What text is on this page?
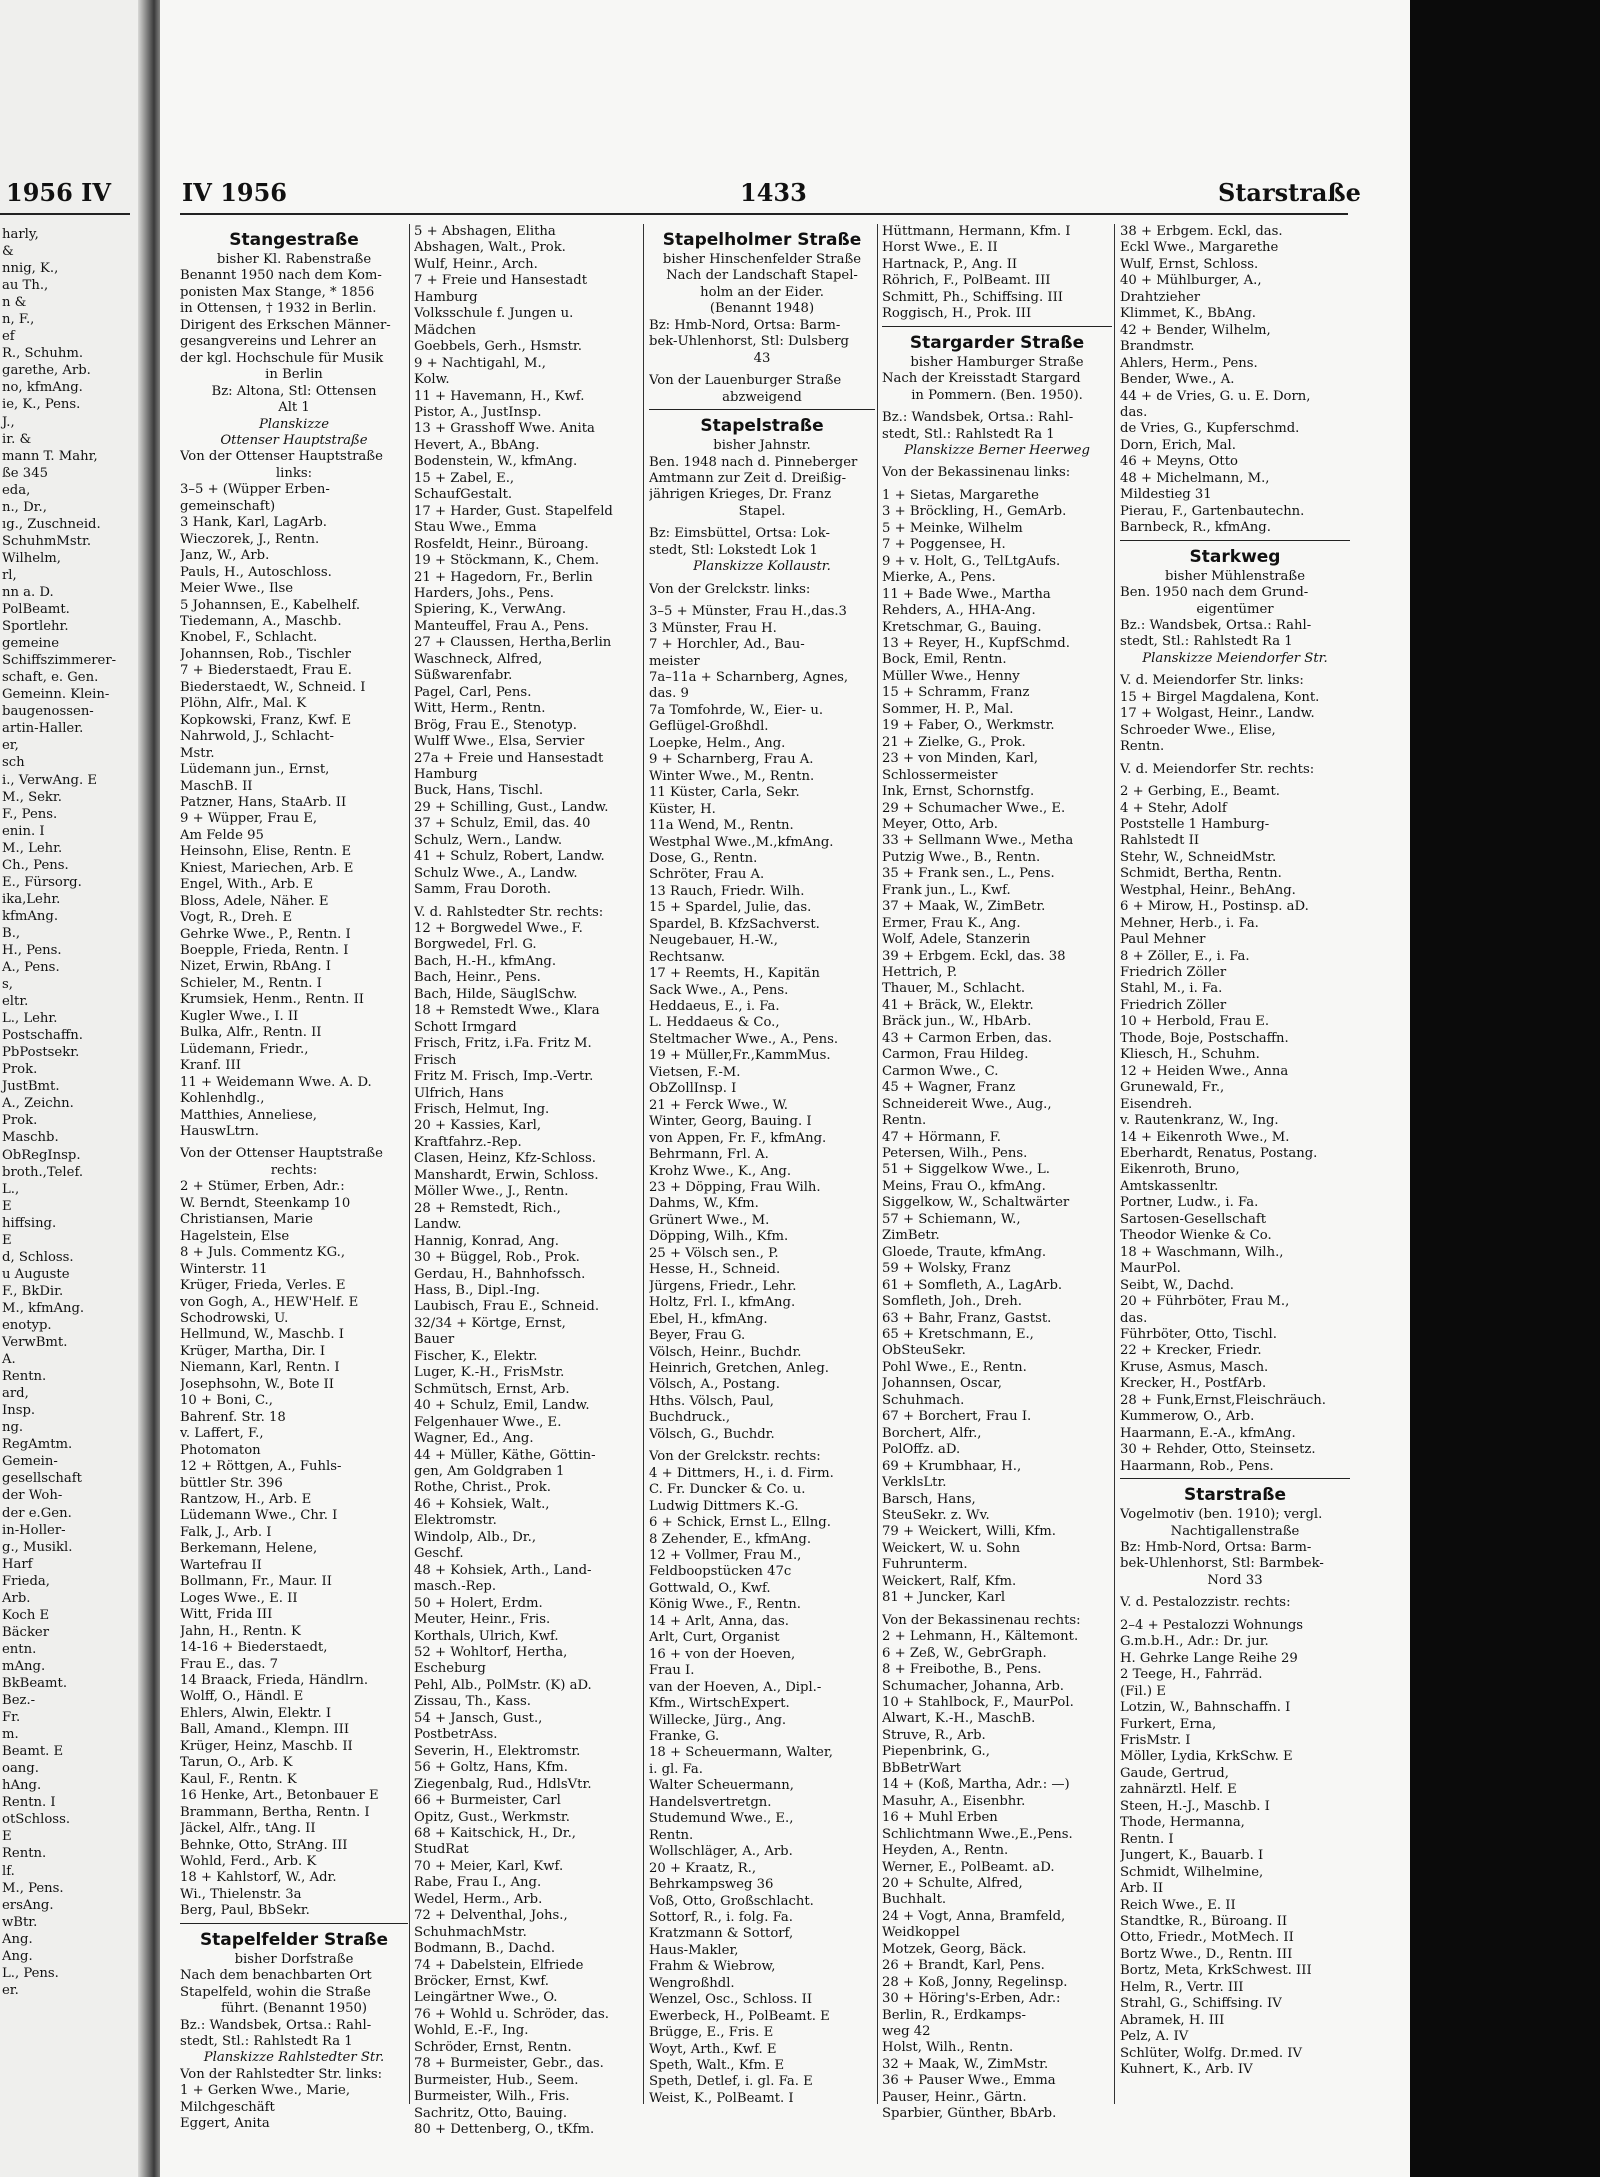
1956 IV
harly,
&
nnig, K.,
au Th.,
n &
n, F.,
ef
R., Schuhm.
garethe, Arb.
no, kfmAng.
ie, K., Pens.
J.,
ir. &
mann T. Mahr,
ße 345
eda,
n., Dr.,
ıg., Zuschneid.
SchuhmMstr.
Wilhelm,
rl,
nn a. D.
PolBeamt.
Sportlehr.
gemeine
Schiffszimmerer-
schaft, e. Gen.
Gemeinn. Klein-
baugenossen-
artin-Haller.
er,
sch
i., VerwAng. E
M., Sekr.
F., Pens.
enin. I
M., Lehr.
Ch., Pens.
E., Fürsorg.
ika,Lehr.
kfmAng.
B.,
H., Pens.
A., Pens.
s,
eltr.
L., Lehr.
Postschaffn.
PbPostsekr.
Prok.
JustBmt.
A., Zeichn.
Prok.
Maschb.
ObRegInsp.
broth.,Telef.
L.,
E
hiffsing.
E
d, Schloss.
u Auguste
F., BkDir.
M., kfmAng.
enotyp.
VerwBmt.
A.
Rentn.
ard,
Insp.
ng.
RegAmtm.
Gemein-
gesellschaft
der Woh-
der e.Gen.
in-Holler-
g., Musikl.
Harf
Frieda,
Arb.
Koch E
Bäcker
entn.
mAng.
BkBeamt.
Bez.-
Fr.
m.
Beamt. E
oang.
hAng.
Rentn. I
otSchloss.
E
Rentn.
lf.
M., Pens.
ersAng.
wBtr.
Ang.
Ang.
L., Pens.
er.
IV 1956	1433	Starstraße
Stangestraße
bisher Kl. Rabenstraße
Benannt 1950 nach dem Kom-
ponisten Max Stange, * 1856
in Ottensen, † 1932 in Berlin.
Dirigent des Erkschen Männer-
gesangvereins und Lehrer an
der kgl. Hochschule für Musik
in Berlin
Bz: Altona, Stl: Ottensen
Alt 1
Planskizze
Ottenser Hauptstraße
Von der Ottenser Hauptstraße
links:
3–5 + (Wüpper Erben-
gemeinschaft)
3 Hank, Karl, LagArb.
Wieczorek, J., Rentn.
Janz, W., Arb.
Pauls, H., Autoschloss.
Meier Wwe., Ilse
5 Johannsen, E., Kabelhelf.
Tiedemann, A., Maschb.
Knobel, F., Schlacht.
Johannsen, Rob., Tischler
7 + Biederstaedt, Frau E.
Biederstaedt, W., Schneid. I
Plöhn, Alfr., Mal. K
Kopkowski, Franz, Kwf. E
Nahrwold, J., Schlacht-
Mstr.
Lüdemann jun., Ernst,
MaschB. II
Patzner, Hans, StaArb. II
9 + Wüpper, Frau E,
Am Felde 95
Heinsohn, Elise, Rentn. E
Kniest, Mariechen, Arb. E
Engel, With., Arb. E
Bloss, Adele, Näher. E
Vogt, R., Dreh. E
Gehrke Wwe., P., Rentn. I
Boepple, Frieda, Rentn. I
Nizet, Erwin, RbAng. I
Schieler, M., Rentn. I
Krumsiek, Henm., Rentn. II
Kugler Wwe., I. II
Bulka, Alfr., Rentn. II
Lüdemann, Friedr.,
Kranf. III
11 + Weidemann Wwe. A. D.
Kohlenhdlg.,
Matthies, Anneliese,
HauswLtrn.
Von der Ottenser Hauptstraße
rechts:
2 + Stümer, Erben, Adr.:
W. Berndt, Steenkamp 10
Christiansen, Marie
Hagelstein, Else
8 + Juls. Commentz KG.,
Winterstr. 11
Krüger, Frieda, Verles. E
von Gogh, A., HEW'Helf. E
Schodrowski, U.
Hellmund, W., Maschb. I
Krüger, Martha, Dir. I
Niemann, Karl, Rentn. I
Josephsohn, W., Bote II
10 + Boni, C.,
Bahrenf. Str. 18
v. Laffert, F.,
Photomaton
12 + Röttgen, A., Fuhls-
büttler Str. 396
Rantzow, H., Arb. E
Lüdemann Wwe., Chr. I
Falk, J., Arb. I
Berkemann, Helene,
Wartefrau II
Bollmann, Fr., Maur. II
Loges Wwe., E. II
Witt, Frida III
Jahn, H., Rentn. K
14-16 + Biederstaedt,
Frau E., das. 7
14 Braack, Frieda, Händlrn.
Wolff, O., Händl. E
Ehlers, Alwin, Elektr. I
Ball, Amand., Klempn. III
Krüger, Heinz, Maschb. II
Tarun, O., Arb. K
Kaul, F., Rentn. K
16 Henke, Art., Betonbauer E
Brammann, Bertha, Rentn. I
Jäckel, Alfr., tAng. II
Behnke, Otto, StrAng. III
Wohld, Ferd., Arb. K
18 + Kahlstorf, W., Adr.
Wi., Thielenstr. 3a
Berg, Paul, BbSekr.
Stapelfelder Straße
bisher Dorfstraße
Nach dem benachbarten Ort
Stapelfeld, wohin die Straße
führt. (Benannt 1950)
Bz.: Wandsbek, Ortsa.: Rahl-
stedt, Stl.: Rahlstedt Ra 1
Planskizze Rahlstedter Str.
Von der Rahlstedter Str. links:
1 + Gerken Wwe., Marie,
Milchgeschäft
Eggert, Anita
5 + Abshagen, Elitha
Abshagen, Walt., Prok.
Wulf, Heinr., Arch.
7 + Freie und Hansestadt
Hamburg
Volksschule f. Jungen u.
Mädchen
Goebbels, Gerh., Hsmstr.
9 + Nachtigahl, M.,
Kolw.
11 + Havemann, H., Kwf.
Pistor, A., JustInsp.
13 + Grasshoff Wwe. Anita
Hevert, A., BbAng.
Bodenstein, W., kfmAng.
15 + Zabel, E.,
SchaufGestalt.
17 + Harder, Gust. Stapelfeld
Stau Wwe., Emma
Rosfeldt, Heinr., Büroang.
19 + Stöckmann, K., Chem.
21 + Hagedorn, Fr., Berlin
Harders, Johs., Pens.
Spiering, K., VerwAng.
Manteuffel, Frau A., Pens.
27 + Claussen, Hertha,Berlin
Waschneck, Alfred,
Süßwarenfabr.
Pagel, Carl, Pens.
Witt, Herm., Rentn.
Brög, Frau E., Stenotyp.
Wulff Wwe., Elsa, Servier
27a + Freie und Hansestadt
Hamburg
Buck, Hans, Tischl.
29 + Schilling, Gust., Landw.
37 + Schulz, Emil, das. 40
Schulz, Wern., Landw.
41 + Schulz, Robert, Landw.
Schulz Wwe., A., Landw.
Samm, Frau Doroth.
V. d. Rahlstedter Str. rechts:
12 + Borgwedel Wwe., F.
Borgwedel, Frl. G.
Bach, H.-H., kfmAng.
Bach, Heinr., Pens.
Bach, Hilde, SäuglSchw.
18 + Remstedt Wwe., Klara
Schott Irmgard
Frisch, Fritz, i.Fa. Fritz M.
Frisch
Fritz M. Frisch, Imp.-Vertr.
Ulfrich, Hans
Frisch, Helmut, Ing.
20 + Kassies, Karl,
Kraftfahrz.-Rep.
Clasen, Heinz, Kfz-Schloss.
Manshardt, Erwin, Schloss.
Möller Wwe., J., Rentn.
28 + Remstedt, Rich.,
Landw.
Hannig, Konrad, Ang.
30 + Büggel, Rob., Prok.
Gerdau, H., Bahnhofssch.
Hass, B., Dipl.-Ing.
Laubisch, Frau E., Schneid.
32/34 + Körtge, Ernst,
Bauer
Fischer, K., Elektr.
Luger, K.-H., FrisMstr.
Schmütsch, Ernst, Arb.
40 + Schulz, Emil, Landw.
Felgenhauer Wwe., E.
Wagner, Ed., Ang.
44 + Müller, Käthe, Göttin-
gen, Am Goldgraben 1
Rothe, Christ., Prok.
46 + Kohsiek, Walt.,
Elektromstr.
Windolp, Alb., Dr.,
Geschf.
48 + Kohsiek, Arth., Land-
masch.-Rep.
50 + Holert, Erdm.
Meuter, Heinr., Fris.
Korthals, Ulrich, Kwf.
52 + Wohltorf, Hertha,
Escheburg
Pehl, Alb., PolMstr. (K) aD.
Zissau, Th., Kass.
54 + Jansch, Gust.,
PostbetrAss.
Severin, H., Elektromstr.
56 + Goltz, Hans, Kfm.
Ziegenbalg, Rud., HdlsVtr.
66 + Burmeister, Carl
Opitz, Gust., Werkmstr.
68 + Kaitschick, H., Dr.,
StudRat
70 + Meier, Karl, Kwf.
Rabe, Frau I., Ang.
Wedel, Herm., Arb.
72 + Delventhal, Johs.,
SchuhmachMstr.
Bodmann, B., Dachd.
74 + Dabelstein, Elfriede
Bröcker, Ernst, Kwf.
Leingärtner Wwe., O.
76 + Wohld u. Schröder, das.
Wohld, E.-F., Ing.
Schröder, Ernst, Rentn.
78 + Burmeister, Gebr., das.
Burmeister, Hub., Seem.
Burmeister, Wilh., Fris.
Sachritz, Otto, Bauing.
80 + Dettenberg, O., tKfm.
Stapelholmer Straße
bisher Hinschenfelder Straße
Nach der Landschaft Stapel-
holm an der Eider.
(Benannt 1948)
Bz: Hmb-Nord, Ortsa: Barm-
bek-Uhlenhorst, Stl: Dulsberg
43
Von der Lauenburger Straße
abzweigend
Stapelstraße
bisher Jahnstr.
Ben. 1948 nach d. Pinneberger
Amtmann zur Zeit d. Dreißig-
jährigen Krieges, Dr. Franz
Stapel.
Bz: Eimsbüttel, Ortsa: Lok-
stedt, Stl: Lokstedt Lok 1
Planskizze Kollaustr.
Von der Grelckstr. links:
3–5 + Münster, Frau H.,das.3
3 Münster, Frau H.
7 + Horchler, Ad., Bau-
meister
7a–11a + Scharnberg, Agnes,
das. 9
7a Tomfohrde, W., Eier- u.
Geflügel-Großhdl.
Loepke, Helm., Ang.
9 + Scharnberg, Frau A.
Winter Wwe., M., Rentn.
11 Küster, Carla, Sekr.
Küster, H.
11a Wend, M., Rentn.
Westphal Wwe.,M.,kfmAng.
Dose, G., Rentn.
Schröter, Frau A.
13 Rauch, Friedr. Wilh.
15 + Spardel, Julie, das.
Spardel, B. KfzSachverst.
Neugebauer, H.-W.,
Rechtsanw.
17 + Reemts, H., Kapitän
Sack Wwe., A., Pens.
Heddaeus, E., i. Fa.
L. Heddaeus & Co.,
Steltmacher Wwe., A., Pens.
19 + Müller,Fr.,KammMus.
Vietsen, F.-M.
ObZollInsp. I
21 + Ferck Wwe., W.
Winter, Georg, Bauing. I
von Appen, Fr. F., kfmAng.
Behrmann, Frl. A.
Krohz Wwe., K., Ang.
23 + Döpping, Frau Wilh.
Dahms, W., Kfm.
Grünert Wwe., M.
Döpping, Wilh., Kfm.
25 + Völsch sen., P.
Hesse, H., Schneid.
Jürgens, Friedr., Lehr.
Holtz, Frl. I., kfmAng.
Ebel, H., kfmAng.
Beyer, Frau G.
Völsch, Heinr., Buchdr.
Heinrich, Gretchen, Anleg.
Völsch, A., Postang.
Hths. Völsch, Paul,
Buchdruck.,
Völsch, G., Buchdr.
Von der Grelckstr. rechts:
4 + Dittmers, H., i. d. Firm.
C. Fr. Duncker & Co. u.
Ludwig Dittmers K.-G.
6 + Schick, Ernst L., Ellng.
8 Zehender, E., kfmAng.
12 + Vollmer, Frau M.,
Feldboopstücken 47c
Gottwald, O., Kwf.
König Wwe., F., Rentn.
14 + Arlt, Anna, das.
Arlt, Curt, Organist
16 + von der Hoeven,
Frau I.
van der Hoeven, A., Dipl.-
Kfm., WirtschExpert.
Willecke, Jürg., Ang.
Franke, G.
18 + Scheuermann, Walter,
i. gl. Fa.
Walter Scheuermann,
Handelsvertretgn.
Studemund Wwe., E.,
Rentn.
Wollschläger, A., Arb.
20 + Kraatz, R.,
Behrkampsweg 36
Voß, Otto, Großschlacht.
Sottorf, R., i. folg. Fa.
Kratzmann & Sottorf,
Haus-Makler,
Frahm & Wiebrow,
Wengroßhdl.
Wenzel, Osc., Schloss. II
Ewerbeck, H., PolBeamt. E
Brügge, E., Fris. E
Woyt, Arth., Kwf. E
Speth, Walt., Kfm. E
Speth, Detlef, i. gl. Fa. E
Weist, K., PolBeamt. I
Hüttmann, Hermann, Kfm. I
Horst Wwe., E. II
Hartnack, P., Ang. II
Röhrich, F., PolBeamt. III
Schmitt, Ph., Schiffsing. III
Roggisch, H., Prok. III
Stargarder Straße
bisher Hamburger Straße
Nach der Kreisstadt Stargard
in Pommern. (Ben. 1950).
Bz.: Wandsbek, Ortsa.: Rahl-
stedt, Stl.: Rahlstedt Ra 1
Planskizze Berner Heerweg
Von der Bekassinenau links:
1 + Sietas, Margarethe
3 + Bröckling, H., GemArb.
5 + Meinke, Wilhelm
7 + Poggensee, H.
9 + v. Holt, G., TelLtgAufs.
Mierke, A., Pens.
11 + Bade Wwe., Martha
Rehders, A., HHA-Ang.
Kretschmar, G., Bauing.
13 + Reyer, H., KupfSchmd.
Bock, Emil, Rentn.
Müller Wwe., Henny
15 + Schramm, Franz
Sommer, H. P., Mal.
19 + Faber, O., Werkmstr.
21 + Zielke, G., Prok.
23 + von Minden, Karl,
Schlossermeister
Ink, Ernst, Schornstfg.
29 + Schumacher Wwe., E.
Meyer, Otto, Arb.
33 + Sellmann Wwe., Metha
Putzig Wwe., B., Rentn.
35 + Frank sen., L., Pens.
Frank jun., L., Kwf.
37 + Maak, W., ZimBetr.
Ermer, Frau K., Ang.
Wolf, Adele, Stanzerin
39 + Erbgem. Eckl, das. 38
Hettrich, P.
Thauer, M., Schlacht.
41 + Bräck, W., Elektr.
Bräck jun., W., HbArb.
43 + Carmon Erben, das.
Carmon, Frau Hildeg.
Carmon Wwe., C.
45 + Wagner, Franz
Schneidereit Wwe., Aug.,
Rentn.
47 + Hörmann, F.
Petersen, Wilh., Pens.
51 + Siggelkow Wwe., L.
Meins, Frau O., kfmAng.
Siggelkow, W., Schaltwärter
57 + Schiemann, W.,
ZimBetr.
Gloede, Traute, kfmAng.
59 + Wolsky, Franz
61 + Somfleth, A., LagArb.
Somfleth, Joh., Dreh.
63 + Bahr, Franz, Gastst.
65 + Kretschmann, E.,
ObSteuSekr.
Pohl Wwe., E., Rentn.
Johannsen, Oscar,
Schuhmach.
67 + Borchert, Frau I.
Borchert, Alfr.,
PolOffz. aD.
69 + Krumbhaar, H.,
VerklsLtr.
Barsch, Hans,
SteuSekr. z. Wv.
79 + Weickert, Willi, Kfm.
Weickert, W. u. Sohn
Fuhrunterm.
Weickert, Ralf, Kfm.
81 + Juncker, Karl
Von der Bekassinenau rechts:
2 + Lehmann, H., Kältemont.
6 + Zeß, W., GebrGraph.
8 + Freibothe, B., Pens.
Schumacher, Johanna, Arb.
10 + Stahlbock, F., MaurPol.
Alwart, K.-H., MaschB.
Struve, R., Arb.
Piepenbrink, G.,
BbBetrWart
14 + (Koß, Martha, Adr.: —)
Masuhr, A., Eisenbhr.
16 + Muhl Erben
Schlichtmann Wwe.,E.,Pens.
Heyden, A., Rentn.
Werner, E., PolBeamt. aD.
20 + Schulte, Alfred,
Buchhalt.
24 + Vogt, Anna, Bramfeld,
Weidkoppel
Motzek, Georg, Bäck.
26 + Brandt, Karl, Pens.
28 + Koß, Jonny, Regelinsp.
30 + Höring's-Erben, Adr.:
Berlin, R., Erdkamps-
weg 42
Holst, Wilh., Rentn.
32 + Maak, W., ZimMstr.
36 + Pauser Wwe., Emma
Pauser, Heinr., Gärtn.
Sparbier, Günther, BbArb.
38 + Erbgem. Eckl, das.
Eckl Wwe., Margarethe
Wulf, Ernst, Schloss.
40 + Mühlburger, A.,
Drahtzieher
Klimmet, K., BbAng.
42 + Bender, Wilhelm,
Brandmstr.
Ahlers, Herm., Pens.
Bender, Wwe., A.
44 + de Vries, G. u. E. Dorn,
das.
de Vries, G., Kupferschmd.
Dorn, Erich, Mal.
46 + Meyns, Otto
48 + Michelmann, M.,
Mildestieg 31
Pierau, F., Gartenbautechn.
Barnbeck, R., kfmAng.
Starkweg
bisher Mühlenstraße
Ben. 1950 nach dem Grund-
eigentümer
Bz.: Wandsbek, Ortsa.: Rahl-
stedt, Stl.: Rahlstedt Ra 1
Planskizze Meiendorfer Str.
V. d. Meiendorfer Str. links:
15 + Birgel Magdalena, Kont.
17 + Wolgast, Heinr., Landw.
Schroeder Wwe., Elise,
Rentn.
V. d. Meiendorfer Str. rechts:
2 + Gerbing, E., Beamt.
4 + Stehr, Adolf
Poststelle 1 Hamburg-
Rahlstedt II
Stehr, W., SchneidMstr.
Schmidt, Bertha, Rentn.
Westphal, Heinr., BehAng.
6 + Mirow, H., Postinsp. aD.
Mehner, Herb., i. Fa.
Paul Mehner
8 + Zöller, E., i. Fa.
Friedrich Zöller
Stahl, M., i. Fa.
Friedrich Zöller
10 + Herbold, Frau E.
Thode, Boje, Postschaffn.
Kliesch, H., Schuhm.
12 + Heiden Wwe., Anna
Grunewald, Fr.,
Eisendreh.
v. Rautenkranz, W., Ing.
14 + Eikenroth Wwe., M.
Eberhardt, Renatus, Postang.
Eikenroth, Bruno,
Amtskassenltr.
Portner, Ludw., i. Fa.
Sartosen-Gesellschaft
Theodor Wienke & Co.
18 + Waschmann, Wilh.,
MaurPol.
Seibt, W., Dachd.
20 + Führböter, Frau M.,
das.
Führböter, Otto, Tischl.
22 + Krecker, Friedr.
Kruse, Asmus, Masch.
Krecker, H., PostfArb.
28 + Funk,Ernst,Fleischräuch.
Kummerow, O., Arb.
Haarmann, E.-A., kfmAng.
30 + Rehder, Otto, Steinsetz.
Haarmann, Rob., Pens.
Starstraße
Vogelmotiv (ben. 1910); vergl.
Nachtigallenstraße
Bz: Hmb-Nord, Ortsa: Barm-
bek-Uhlenhorst, Stl: Barmbek-
Nord 33
V. d. Pestalozzistr. rechts:
2–4 + Pestalozzi Wohnungs
G.m.b.H., Adr.: Dr. jur.
H. Gehrke Lange Reihe 29
2 Teege, H., Fahrräd.
(Fil.) E
Lotzin, W., Bahnschaffn. I
Furkert, Erna,
FrisMstr. I
Möller, Lydia, KrkSchw. E
Gaude, Gertrud,
zahnärztl. Helf. E
Steen, H.-J., Maschb. I
Thode, Hermanna,
Rentn. I
Jungert, K., Bauarb. I
Schmidt, Wilhelmine,
Arb. II
Reich Wwe., E. II
Standtke, R., Büroang. II
Otto, Friedr., MotMech. II
Bortz Wwe., D., Rentn. III
Bortz, Meta, KrkSchwest. III
Helm, R., Vertr. III
Strahl, G., Schiffsing. IV
Abramek, H. III
Pelz, A. IV
Schlüter, Wolfg. Dr.med. IV
Kuhnert, K., Arb. IV
